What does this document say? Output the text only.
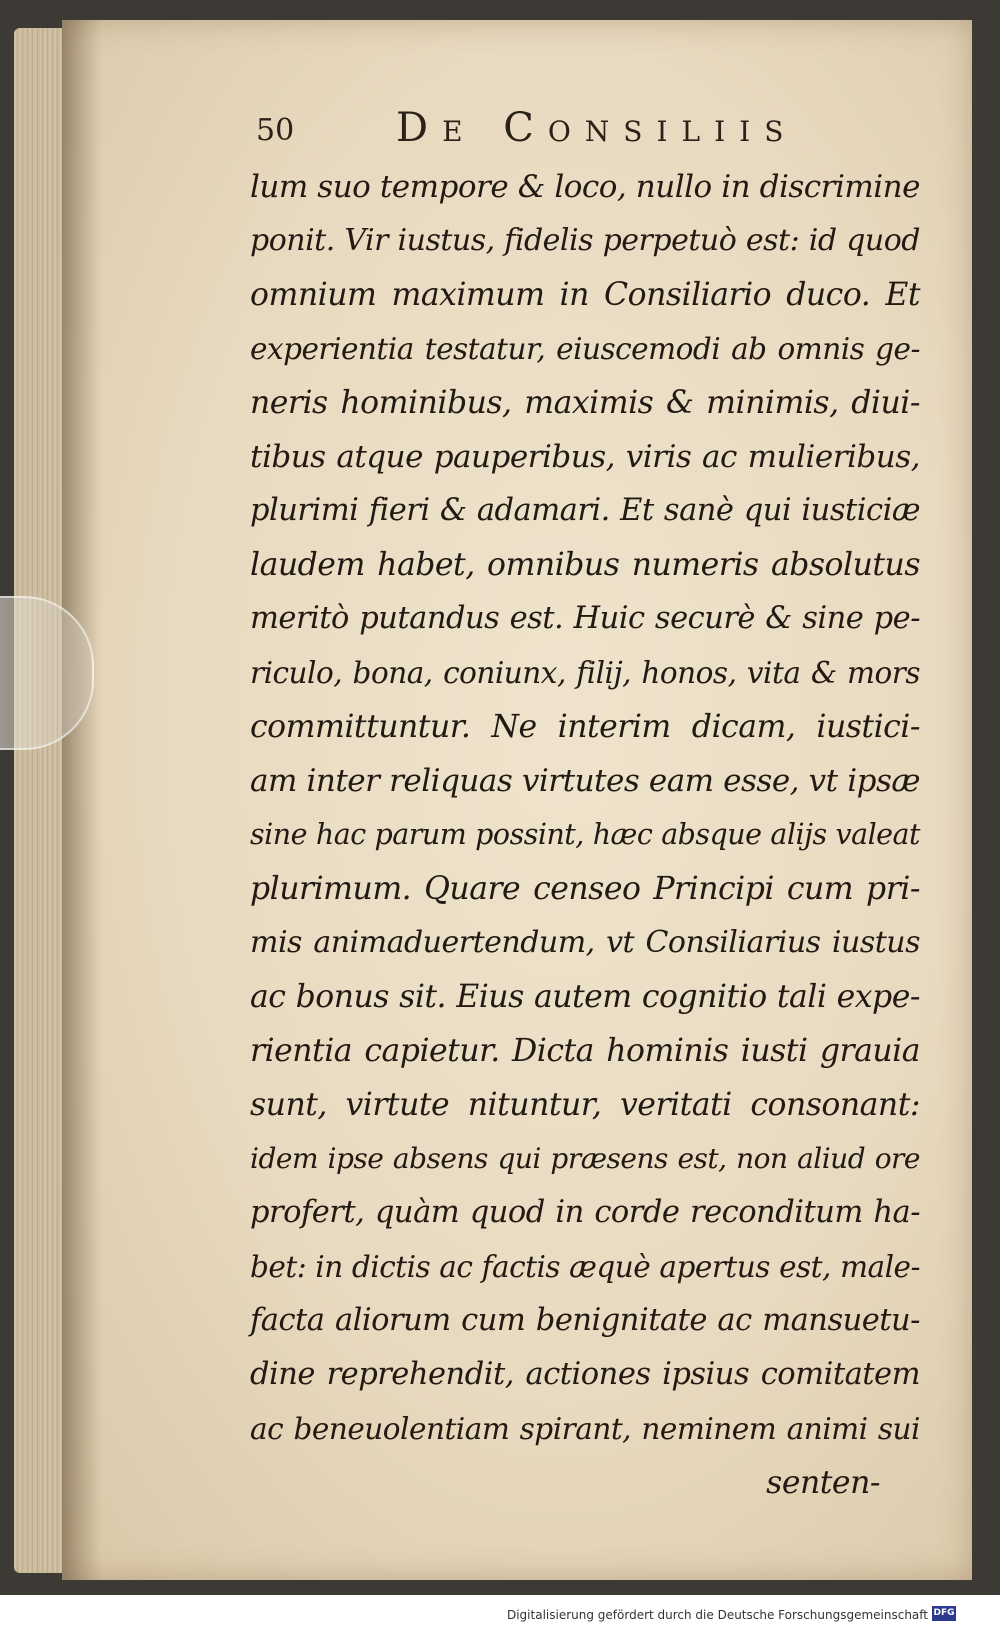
50	De Consiliis
lum suo tempore & loco, nullo in discrimine
ponit. Vir iustus, fidelis perpetuò est: id quod
omnium maximum in Consiliario duco. Et
experientia testatur, eiuscemodi ab omnis ge-
neris hominibus, maximis & minimis, diui-
tibus atque pauperibus, viris ac mulieribus,
plurimi fieri & adamari. Et sanè qui iusticiæ
laudem habet, omnibus numeris absolutus
meritò putandus est. Huic securè & sine pe-
riculo, bona, coniunx, filij, honos, vita & mors
committuntur. Ne interim dicam, iustici-
am inter reliquas virtutes eam esse, vt ipsæ
sine hac parum possint, hæc absque alijs valeat
plurimum. Quare censeo Principi cum pri-
mis animaduertendum, vt Consiliarius iustus
ac bonus sit. Eius autem cognitio tali expe-
rientia capietur. Dicta hominis iusti grauia
sunt, virtute nituntur, veritati consonant:
idem ipse absens qui præsens est, non aliud ore
profert, quàm quod in corde reconditum ha-
bet: in dictis ac factis æquè apertus est, male-
facta aliorum cum benignitate ac mansuetu-
dine reprehendit, actiones ipsius comitatem
ac beneuolentiam spirant, neminem animi sui
senten-
Digitalisierung gefördert durch die Deutsche Forschungsgemeinschaft DFG
